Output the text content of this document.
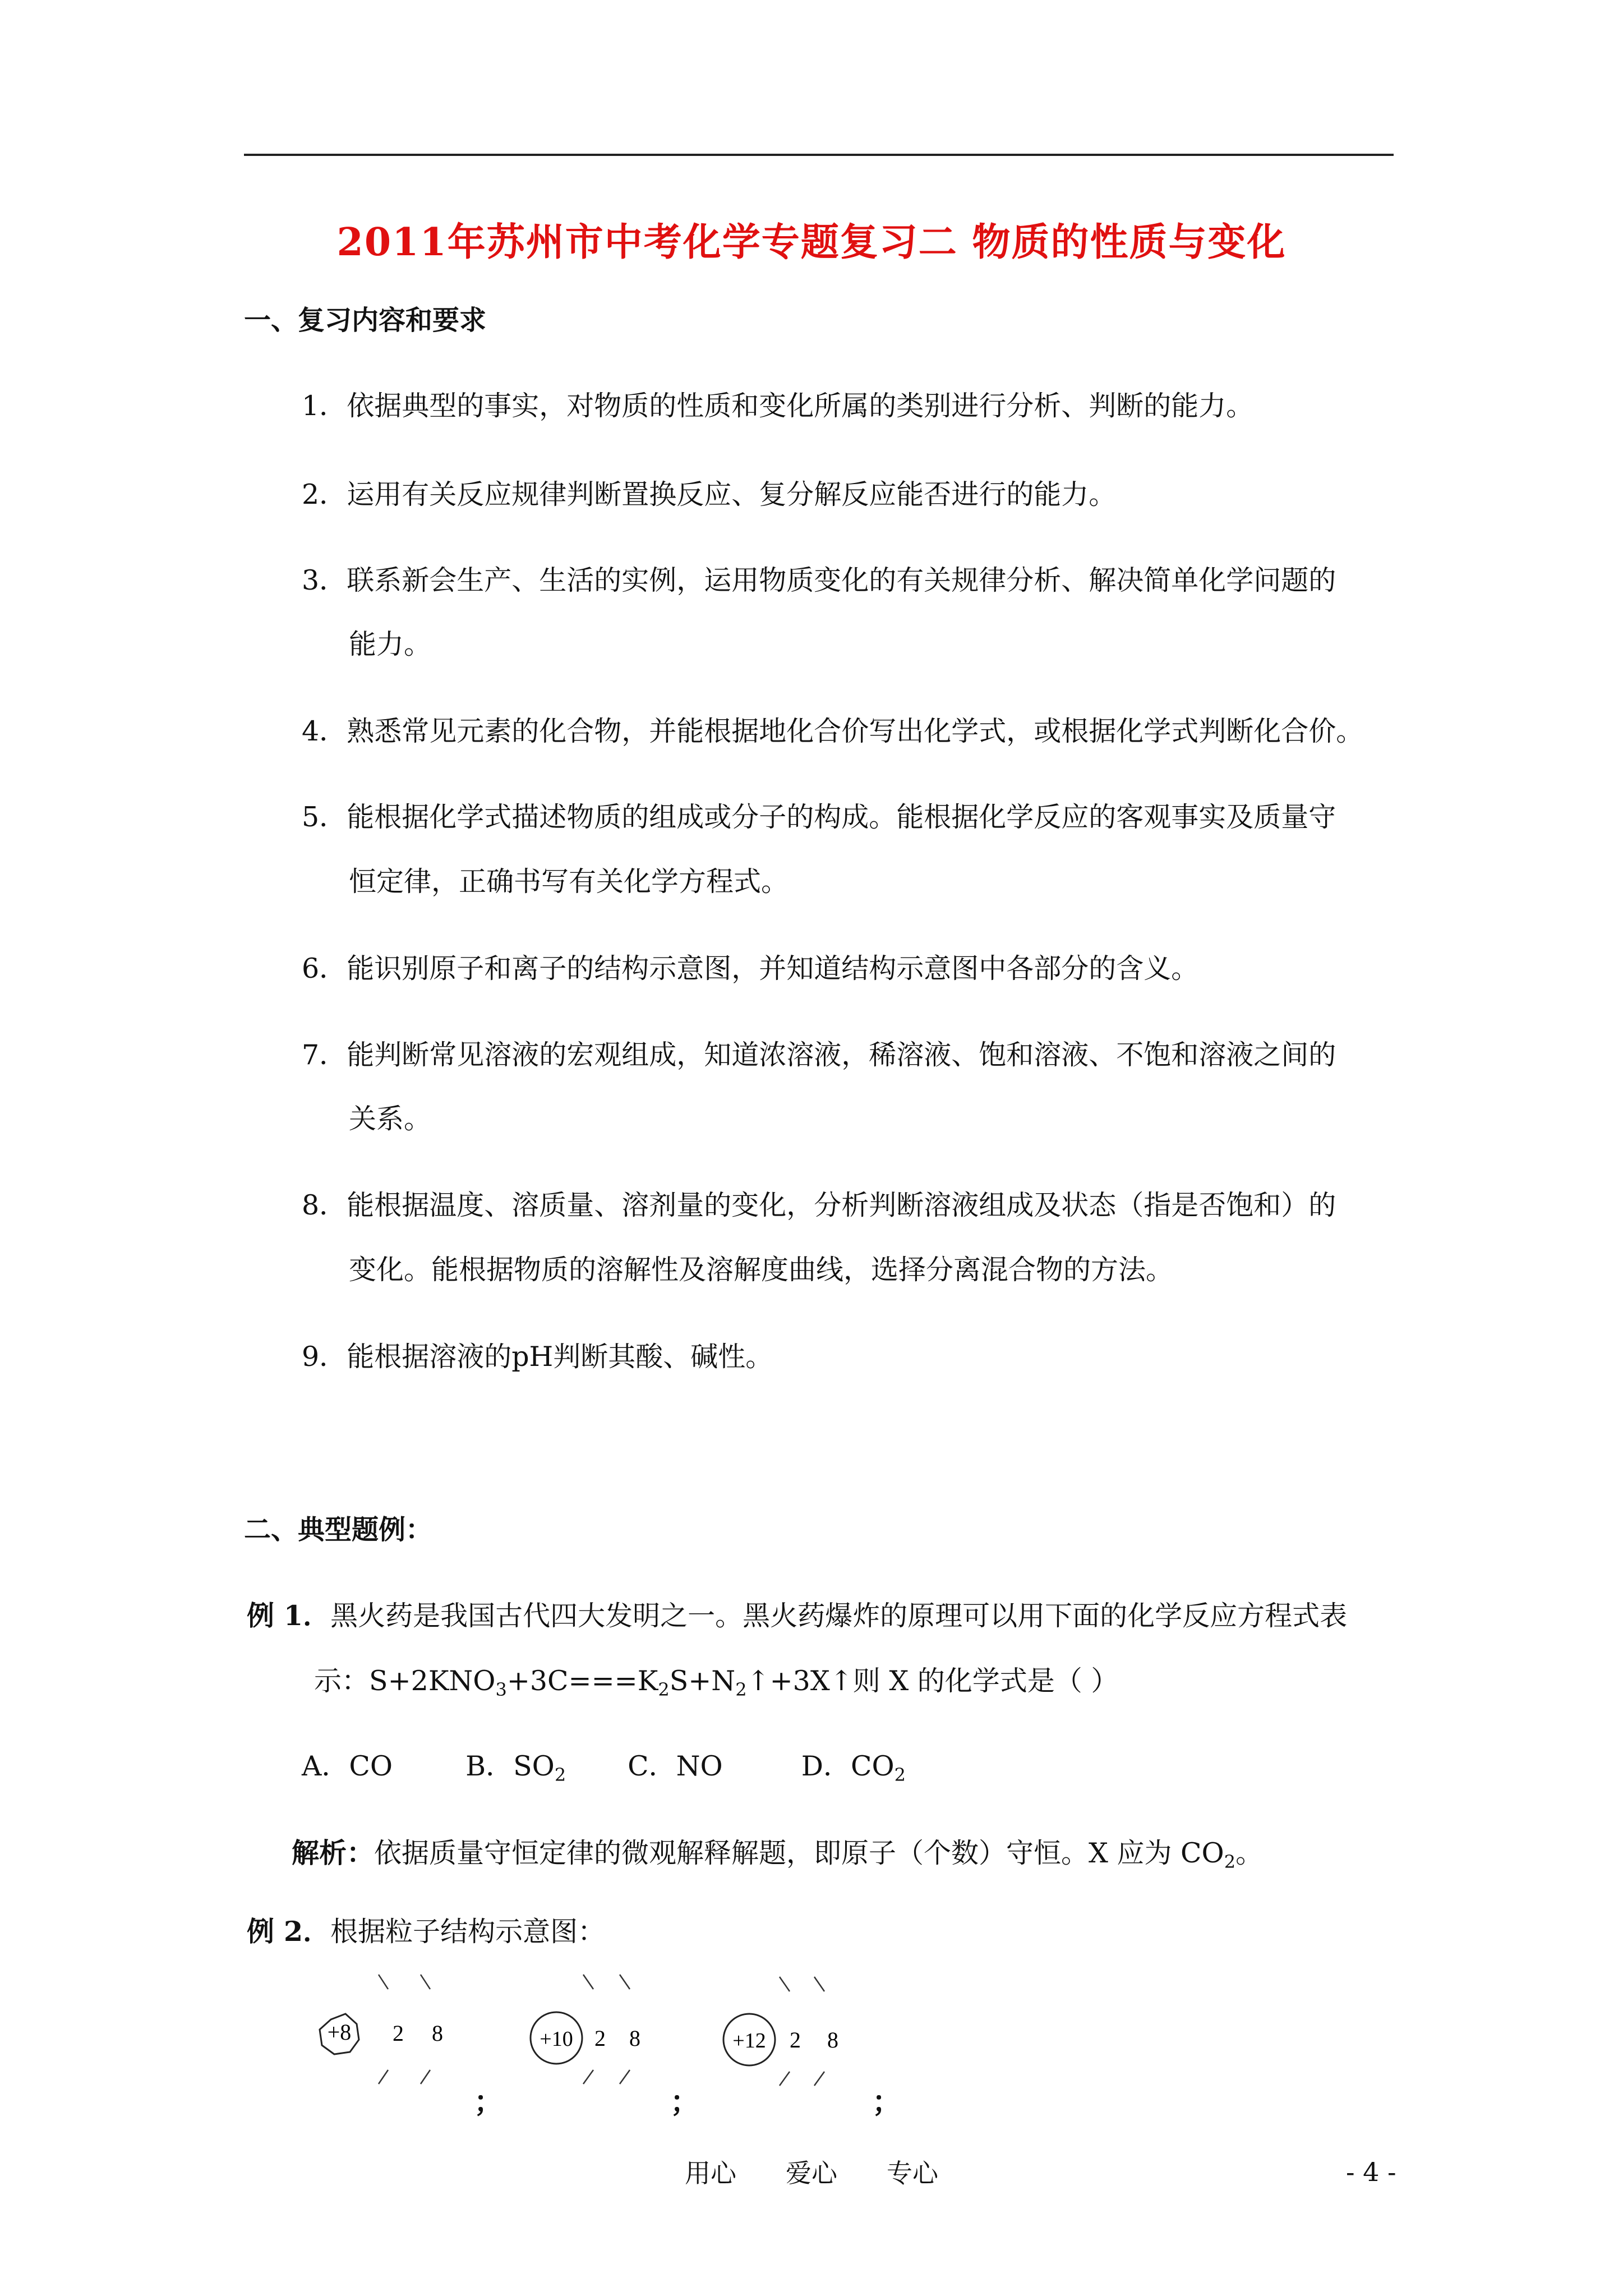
2011年苏州市中考化学专题复习二 物质的性质与变化
一、复习内容和要求
1．依据典型的事实，对物质的性质和变化所属的类别进行分析、判断的能力。
2．运用有关反应规律判断置换反应、复分解反应能否进行的能力。
3．联系新会生产、生活的实例，运用物质变化的有关规律分析、解决简单化学问题的
能力。
4．熟悉常见元素的化合物，并能根据地化合价写出化学式，或根据化学式判断化合价。
5．能根据化学式描述物质的组成或分子的构成。能根据化学反应的客观事实及质量守
恒定律，正确书写有关化学方程式。
6．能识别原子和离子的结构示意图，并知道结构示意图中各部分的含义。
7．能判断常见溶液的宏观组成，知道浓溶液，稀溶液、饱和溶液、不饱和溶液之间的
关系。
8．能根据温度、溶质量、溶剂量的变化，分析判断溶液组成及状态（指是否饱和）的
变化。能根据物质的溶解性及溶解度曲线，选择分离混合物的方法。
9．能根据溶液的pH判断其酸、碱性。
二、典型题例：
例 1．黑火药是我国古代四大发明之一。黑火药爆炸的原理可以用下面的化学反应方程式表
示：$S+2KNO_3+3C===K_2S+N_2↑+3X↑$则 X 的化学式是（ ）
A．CO	B．$SO_2$ C．NO	D．$CO_2$
解析：依据质量守恒定律的微观解释解题，即原子（个数）守恒。X 应为 $CO_2$。
例 2．根据粒子结构示意图：
+8 2 8	+10 2 8	+12 2 8
；	；	；
用心 爱心 专心	- 4 -
